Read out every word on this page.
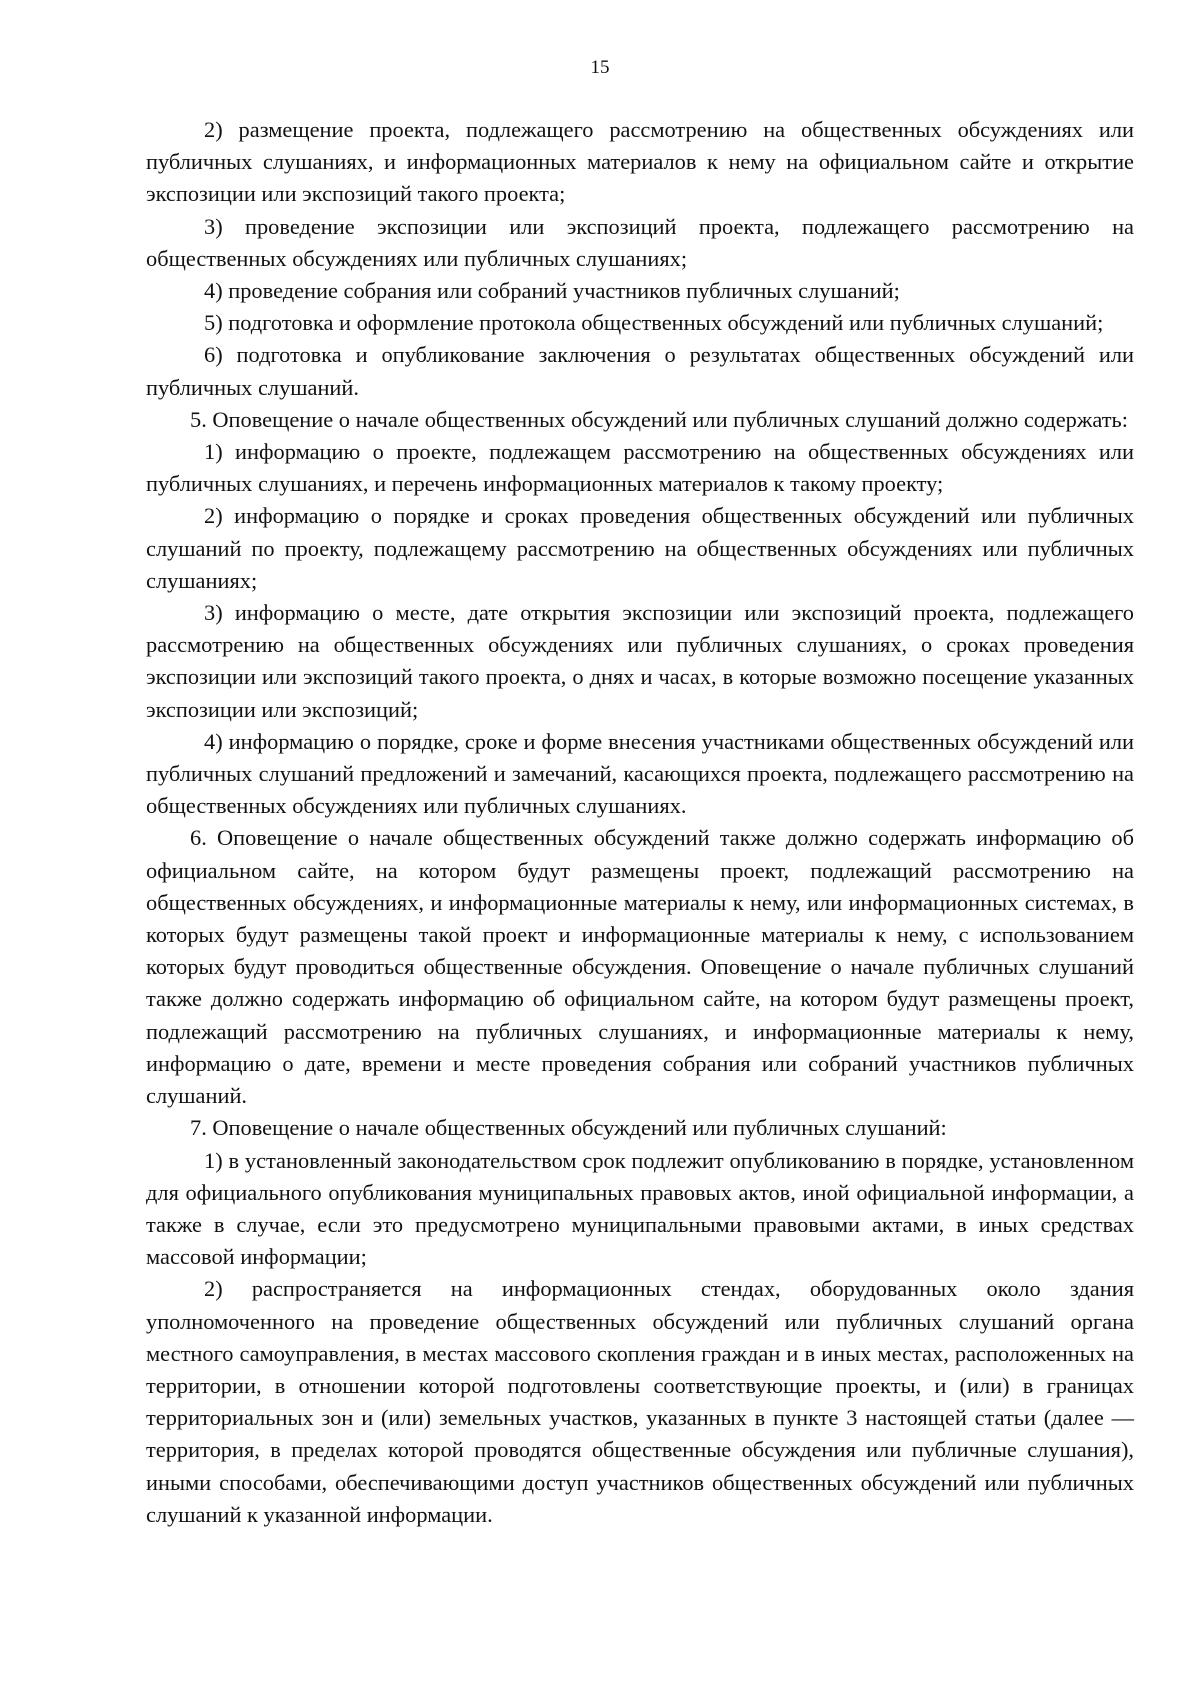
15

2) размещение проекта, подлежащего рассмотрению на общественных обсуждениях или публичных слушаниях, и информационных материалов к нему на официальном сайте и открытие экспозиции или экспозиций такого проекта;

3) проведение экспозиции или экспозиций проекта, подлежащего рассмотрению на общественных обсуждениях или публичных слушаниях;

4) проведение собрания или собраний участников публичных слушаний;

5) подготовка и оформление протокола общественных обсуждений или публичных слушаний;

6) подготовка и опубликование заключения о результатах общественных обсуждений или публичных слушаний.

5. Оповещение о начале общественных обсуждений или публичных слушаний должно содержать:

1) информацию о проекте, подлежащем рассмотрению на общественных обсуждениях или публичных слушаниях, и перечень информационных материалов к такому проекту;

2) информацию о порядке и сроках проведения общественных обсуждений или публичных слушаний по проекту, подлежащему рассмотрению на общественных обсуждениях или публичных слушаниях;

3) информацию о месте, дате открытия экспозиции или экспозиций проекта, подлежащего рассмотрению на общественных обсуждениях или публичных слушаниях, о сроках проведения экспозиции или экспозиций такого проекта, о днях и часах, в которые возможно посещение указанных экспозиции или экспозиций;

4) информацию о порядке, сроке и форме внесения участниками общественных обсуждений или публичных слушаний предложений и замечаний, касающихся проекта, подлежащего рассмотрению на общественных обсуждениях или публичных слушаниях.

6. Оповещение о начале общественных обсуждений также должно содержать информацию об официальном сайте, на котором будут размещены проект, подлежащий рассмотрению на общественных обсуждениях, и информационные материалы к нему, или информационных системах, в которых будут размещены такой проект и информационные материалы к нему, с использованием которых будут проводиться общественные обсуждения. Оповещение о начале публичных слушаний также должно содержать информацию об официальном сайте, на котором будут размещены проект, подлежащий рассмотрению на публичных слушаниях, и информационные материалы к нему, информацию о дате, времени и месте проведения собрания или собраний участников публичных слушаний.

7. Оповещение о начале общественных обсуждений или публичных слушаний:

1) в установленный законодательством срок подлежит опубликованию в порядке, установленном для официального опубликования муниципальных правовых актов, иной официальной информации, а также в случае, если это предусмотрено муниципальными правовыми актами, в иных средствах массовой информации;

2) распространяется на информационных стендах, оборудованных около здания уполномоченного на проведение общественных обсуждений или публичных слушаний органа местного самоуправления, в местах массового скопления граждан и в иных местах, расположенных на территории, в отношении которой подготовлены соответствующие проекты, и (или) в границах территориальных зон и (или) земельных участков, указанных в пункте 3 настоящей статьи (далее — территория, в пределах которой проводятся общественные обсуждения или публичные слушания), иными способами, обеспечивающими доступ участников общественных обсуждений или публичных слушаний к указанной информации.
